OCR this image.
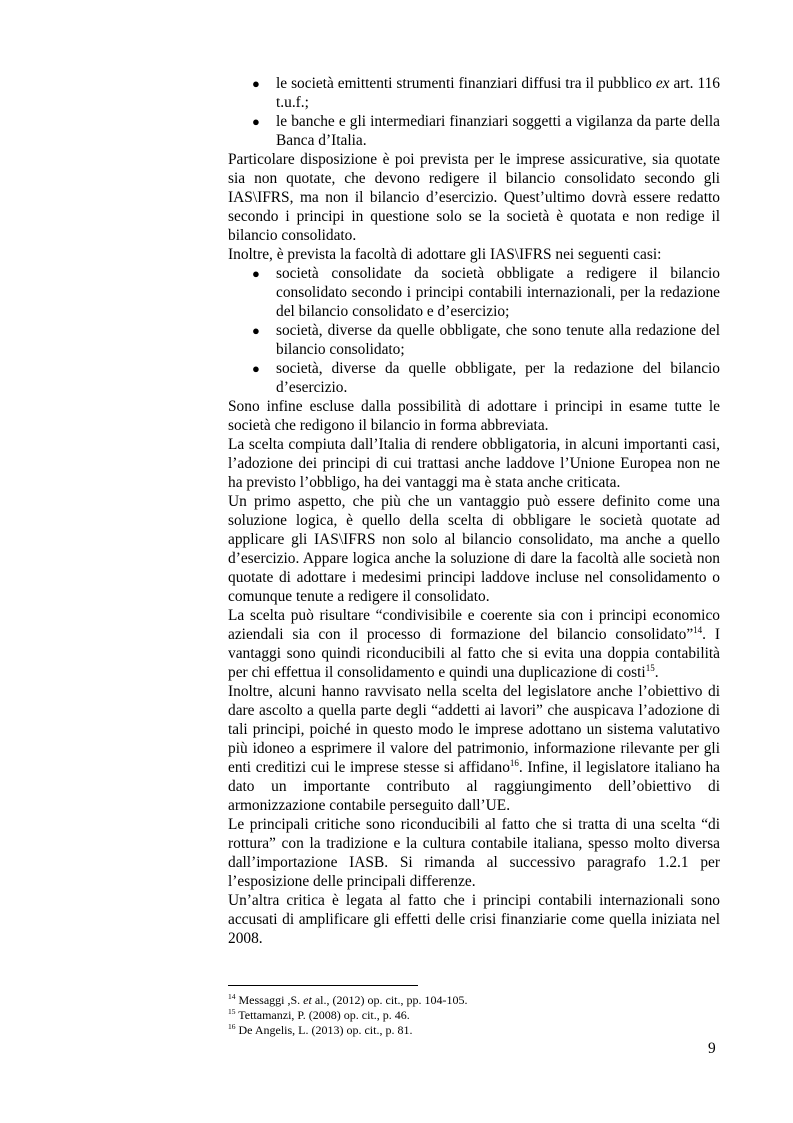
● le società emittenti strumenti finanziari diffusi tra il pubblico ex art. 116 t.u.f.;
● le banche e gli intermediari finanziari soggetti a vigilanza da parte della Banca d’Italia.

Particolare disposizione è poi prevista per le imprese assicurative, sia quotate sia non quotate, che devono redigere il bilancio consolidato secondo gli IAS\IFRS, ma non il bilancio d’esercizio. Quest’ultimo dovrà essere redatto secondo i principi in questione solo se la società è quotata e non redige il bilancio consolidato.

Inoltre, è prevista la facoltà di adottare gli IAS\IFRS nei seguenti casi:

● società consolidate da società obbligate a redigere il bilancio consolidato secondo i principi contabili internazionali, per la redazione del bilancio consolidato e d’esercizio;
● società, diverse da quelle obbligate, che sono tenute alla redazione del bilancio consolidato;
● società, diverse da quelle obbligate, per la redazione del bilancio d’esercizio.

Sono infine escluse dalla possibilità di adottare i principi in esame tutte le società che redigono il bilancio in forma abbreviata.

La scelta compiuta dall’Italia di rendere obbligatoria, in alcuni importanti casi, l’adozione dei principi di cui trattasi anche laddove l’Unione Europea non ne ha previsto l’obbligo, ha dei vantaggi ma è stata anche criticata.

Un primo aspetto, che più che un vantaggio può essere definito come una soluzione logica, è quello della scelta di obbligare le società quotate ad applicare gli IAS\IFRS non solo al bilancio consolidato, ma anche a quello d’esercizio. Appare logica anche la soluzione di dare la facoltà alle società non quotate di adottare i medesimi principi laddove incluse nel consolidamento o comunque tenute a redigere il consolidato.

La scelta può risultare “condivisibile e coerente sia con i principi economico aziendali sia con il processo di formazione del bilancio consolidato”$^{14}$. I vantaggi sono quindi riconducibili al fatto che si evita una doppia contabilità per chi effettua il consolidamento e quindi una duplicazione di costi$^{15}$.

Inoltre, alcuni hanno ravvisato nella scelta del legislatore anche l’obiettivo di dare ascolto a quella parte degli “addetti ai lavori” che auspicava l’adozione di tali principi, poiché in questo modo le imprese adottano un sistema valutativo più idoneo a esprimere il valore del patrimonio, informazione rilevante per gli enti creditizi cui le imprese stesse si affidano$^{16}$. Infine, il legislatore italiano ha dato un importante contributo al raggiungimento dell’obiettivo di armonizzazione contabile perseguito dall’UE.

Le principali critiche sono riconducibili al fatto che si tratta di una scelta “di rottura” con la tradizione e la cultura contabile italiana, spesso molto diversa dall’importazione IASB. Si rimanda al successivo paragrafo 1.2.1 per l’esposizione delle principali differenze.

Un’altra critica è legata al fatto che i principi contabili internazionali sono accusati di amplificare gli effetti delle crisi finanziarie come quella iniziata nel 2008.

$^{14}$ Messaggi ,S. et al., (2012) op. cit., pp. 104-105.

$^{15}$ Tettamanzi, P. (2008) op. cit., p. 46.

$^{16}$ De Angelis, L. (2013) op. cit., p. 81.

9
